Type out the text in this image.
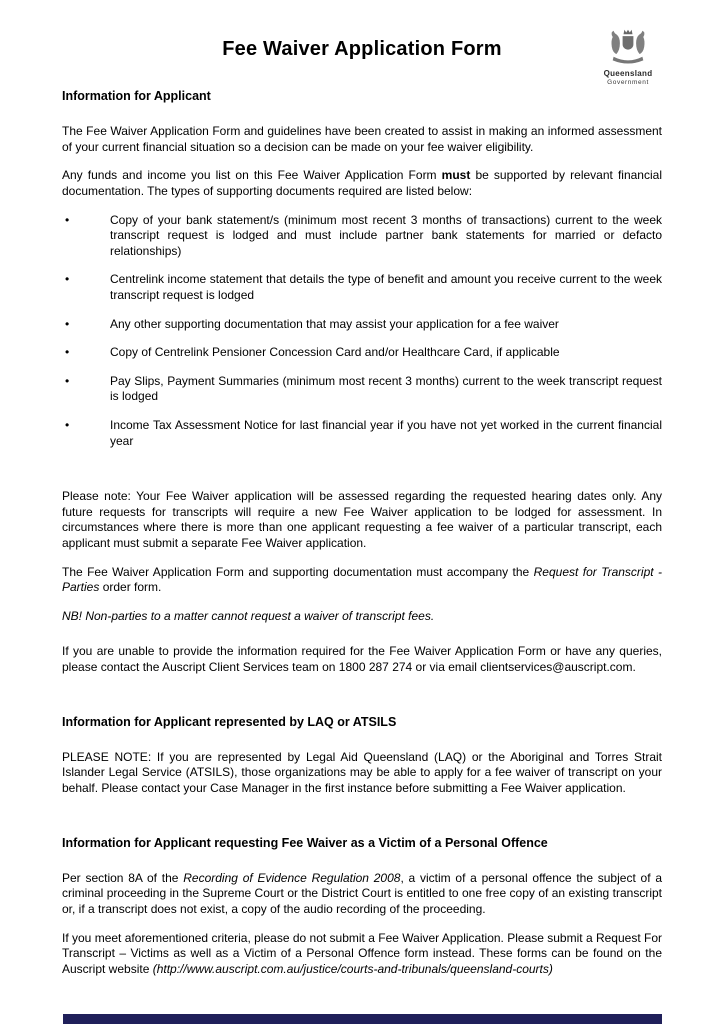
Queensland
Government
Fee Waiver Application Form
Information for Applicant

The Fee Waiver Application Form and guidelines have been created to assist in making an informed assessment of your current financial situation so a decision can be made on your fee waiver eligibility.

Any funds and income you list on this Fee Waiver Application Form must be supported by relevant financial documentation. The types of supporting documents required are listed below:

•	Copy of your bank statement/s (minimum most recent 3 months of transactions) current to the week transcript request is lodged and must include partner bank statements for married or defacto relationships)
•	Centrelink income statement that details the type of benefit and amount you receive current to the week transcript request is lodged
•	Any other supporting documentation that may assist your application for a fee waiver
•	Copy of Centrelink Pensioner Concession Card and/or Healthcare Card, if applicable
•	Pay Slips, Payment Summaries (minimum most recent 3 months) current to the week transcript request is lodged
•	Income Tax Assessment Notice for last financial year if you have not yet worked in the current financial year

Please note: Your Fee Waiver application will be assessed regarding the requested hearing dates only. Any future requests for transcripts will require a new Fee Waiver application to be lodged for assessment. In circumstances where there is more than one applicant requesting a fee waiver of a particular transcript, each applicant must submit a separate Fee Waiver application.

The Fee Waiver Application Form and supporting documentation must accompany the Request for Transcript - Parties order form.

NB! Non-parties to a matter cannot request a waiver of transcript fees.

If you are unable to provide the information required for the Fee Waiver Application Form or have any queries, please contact the Auscript Client Services team on 1800 287 274 or via email clientservices@auscript.com.

Information for Applicant represented by LAQ or ATSILS

PLEASE NOTE: If you are represented by Legal Aid Queensland (LAQ) or the Aboriginal and Torres Strait Islander Legal Service (ATSILS), those organizations may be able to apply for a fee waiver of transcript on your behalf. Please contact your Case Manager in the first instance before submitting a Fee Waiver application.

Information for Applicant requesting Fee Waiver as a Victim of a Personal Offence

Per section 8A of the Recording of Evidence Regulation 2008, a victim of a personal offence the subject of a criminal proceeding in the Supreme Court or the District Court is entitled to one free copy of an existing transcript or, if a transcript does not exist, a copy of the audio recording of the proceeding.

If you meet aforementioned criteria, please do not submit a Fee Waiver Application. Please submit a Request For Transcript – Victims as well as a Victim of a Personal Offence form instead. These forms can be found on the Auscript website (http://www.auscript.com.au/justice/courts-and-tribunals/queensland-courts)
